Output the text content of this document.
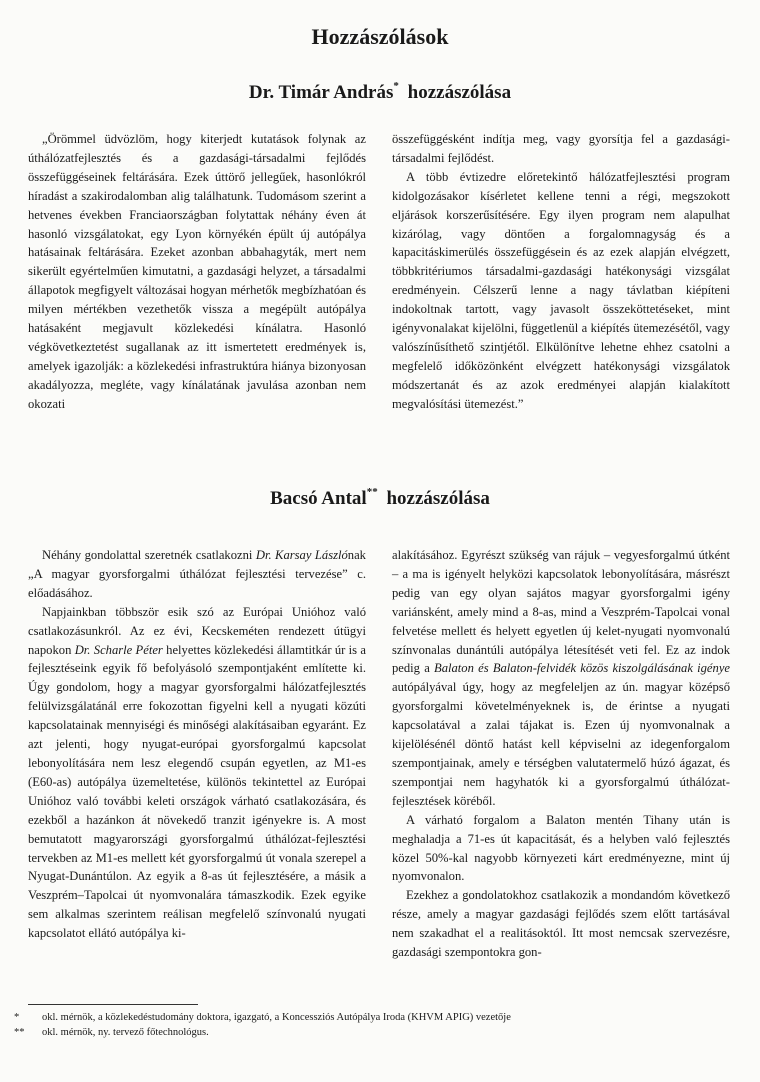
Hozzászólások
Dr. Timár András* hozzászólása

„Örömmel üdvözlöm, hogy kiterjedt kutatások folynak az úthálózatfejlesztés és a gazdasági-társadalmi fejlődés összefüggéseinek feltárására. Ezek úttörő jellegűek, hasonlókról híradást a szakirodalomban alig találhatunk. Tudomásom szerint a hetvenes években Franciaországban folytattak néhány éven át hasonló vizsgálatokat, egy Lyon környékén épült új autópálya hatásainak feltárására. Ezeket azonban abbahagyták, mert nem sikerült egyértelműen kimutatni, a gazdasági helyzet, a társadalmi állapotok megfigyelt változásai hogyan mérhetők megbízhatóan és milyen mértékben vezethetők vissza a megépült autópálya hatásaként megjavult közlekedési kínálatra. Hasonló végkövetkeztetést sugallanak az itt ismertetett eredmények is, amelyek igazolják: a közlekedési infrastruktúra hiánya bizonyosan akadályozza, megléte, vagy kínálatának javulása azonban nem okozati

összefüggésként indítja meg, vagy gyorsítja fel a gazdasági-társadalmi fejlődést.

A több évtizedre előretekintő hálózatfejlesztési program kidolgozásakor kísérletet kellene tenni a régi, megszokott eljárások korszerűsítésére. Egy ilyen program nem alapulhat kizárólag, vagy döntően a forgalomnagyság és a kapacitáskimerülés összefüggésein és az ezek alapján elvégzett, többkritériumos társadalmi-gazdasági hatékonysági vizsgálat eredményein. Célszerű lenne a nagy távlatban kiépíteni indokoltnak tartott, vagy javasolt összeköttetéseket, mint igényvonalakat kijelölni, függetlenül a kiépítés ütemezésétől, vagy valószínűsíthető szintjétől. Elkülönítve lehetne ehhez csatolni a megfelelő időközönként elvégzett hatékonysági vizsgálatok módszertanát és az azok eredményei alapján kialakított megvalósítási ütemezést.”

Bacsó Antal** hozzászólása

Néhány gondolattal szeretnék csatlakozni Dr. Karsay Lászlónak „A magyar gyorsforgalmi úthálózat fejlesztési tervezése” c. előadásához.

Napjainkban többször esik szó az Európai Unióhoz való csatlakozásunkról. Az ez évi, Kecskeméten rendezett útügyi napokon Dr. Scharle Péter helyettes közlekedési államtitkár úr is a fejlesztéseink egyik fő befolyásoló szempontjaként említette ki. Úgy gondolom, hogy a magyar gyorsforgalmi hálózatfejlesztés felülvizsgálatánál erre fokozottan figyelni kell a nyugati közúti kapcsolatainak mennyiségi és minőségi alakításaiban egyaránt. Ez azt jelenti, hogy nyugat-európai gyorsforgalmú kapcsolat lebonyolítására nem lesz elegendő csupán egyetlen, az M1-es (E60-as) autópálya üzemeltetése, különös tekintettel az Európai Unióhoz való további keleti országok várható csatlakozására, és ezekből a hazánkon át növekedő tranzit igényekre is. A most bemutatott magyarországi gyorsforgalmú úthálózat-fejlesztési tervekben az M1-es mellett két gyorsforgalmú út vonala szerepel a Nyugat-Dunántúlon. Az egyik a 8-as út fejlesztésére, a másik a Veszprém–Tapolcai út nyomvonalára támaszkodik. Ezek egyike sem alkalmas szerintem reálisan megfelelő színvonalú nyugati kapcsolatot ellátó autópálya ki-

alakításához. Egyrészt szükség van rájuk – vegyesforgalmú útként – a ma is igényelt helyközi kapcsolatok lebonyolítására, másrészt pedig van egy olyan sajátos magyar gyorsforgalmi igény variánsként, amely mind a 8-as, mind a Veszprém-Tapolcai vonal felvetése mellett és helyett egyetlen új kelet-nyugati nyomvonalú színvonalas dunántúli autópálya létesítését veti fel. Ez az indok pedig a Balaton és Balaton-felvidék közös kiszolgálásának igénye autópályával úgy, hogy az megfeleljen az ún. magyar középső gyorsforgalmi követelményeknek is, de érintse a nyugati kapcsolatával a zalai tájakat is. Ezen új nyomvonalnak a kijelölésénél döntő hatást kell képviselni az idegenforgalom szempontjainak, amely e térségben valutatermelő húzó ágazat, és szempontjai nem hagyhatók ki a gyorsforgalmú úthálózat-fejlesztések köréből.

A várható forgalom a Balaton mentén Tihany után is meghaladja a 71-es út kapacitását, és a helyben való fejlesztés közel 50%-kal nagyobb környezeti kárt eredményezne, mint új nyomvonalon.

Ezekhez a gondolatokhoz csatlakozik a mondandóm következő része, amely a magyar gazdasági fejlődés szem előtt tartásával nem szakadhat el a realitásoktól. Itt most nemcsak szervezésre, gazdasági szempontokra gon-

*	okl. mérnök, a közlekedéstudomány doktora, igazgató, a Koncessziós Autópálya Iroda (KHVM APIG) vezetője
**	okl. mérnök, ny. tervező főtechnológus.
